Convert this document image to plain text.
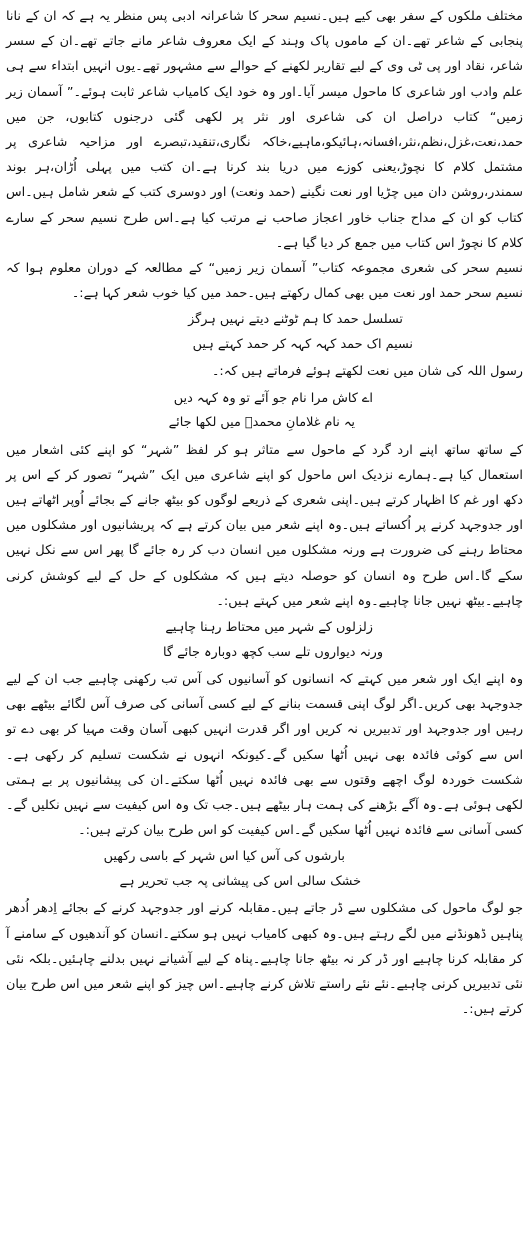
مختلف ملکوں کے سفر بھی کیے ہیں۔نسیم سحر کا شاعرانہ ادبی پس منظر یہ ہے کہ ان کے نانا پنجابی کے شاعر تھے۔ان کے ماموں پاک وہند کے ایک معروف شاعر مانے جاتے تھے۔ان کے سسر شاعر، نقاد اور پی ٹی وی کے لیے تقاریر لکھنے کے حوالے سے مشہور تھے۔یوں انہیں ابتداء سے ہی علم وادب اور شاعری کا ماحول میسر آیا۔اور وہ خود ایک کامیاب شاعر ثابت ہوئے۔” آسمان زیر زمیں“ کتاب دراصل ان کی شاعری اور نثر پر لکھی گئی درجنوں کتابوں، جن میں حمد،نعت،غزل،نظم،نثر،افسانہ،ہائیکو،ماہیے،خاکہ نگاری،تنقید،تبصرے اور مزاحیہ شاعری پر مشتمل کلام کا نچوڑ،یعنی کوزے میں دریا بند کرنا ہے۔ان کتب میں پہلی اُڑان،ہر بوند سمندر،روشن دان میں چڑیا اور نعت نگینے (حمد ونعت) اور دوسری کتب کے شعر شامل ہیں۔اس کتاب کو ان کے مداح جناب خاور اعجاز صاحب نے مرتب کیا ہے۔اس طرح نسیم سحر کے سارے کلام کا نچوڑ اس کتاب میں جمع کر دیا گیا ہے۔

نسیم سحر کی شعری مجموعہ کتاب” آسمان زیر زمیں“ کے مطالعہ کے دوران معلوم ہوا کہ نسیم سحر حمد اور نعت میں بھی کمال رکھتے ہیں۔حمد میں کیا خوب شعر کہا ہے:۔

تسلسل حمد کا ہم ٹوٹنے دیتے نہیں ہرگز
نسیم اک حمد کہہ کہہ کر حمد کہتے ہیں

رسول اللہ کی شان میں نعت لکھتے ہوئے فرماتے ہیں کہ:۔

اے کاش مرا نام جو آئے تو وہ کہہ دیں
یہ نام غلامانِ محمدؐ میں لکھا جائے

کے ساتھ ساتھ اپنے ارد گرد کے ماحول سے متاثر ہو کر لفظ ”شہر“ کو اپنے کئی اشعار میں استعمال کیا ہے۔ہمارے نزدیک اس ماحول کو اپنے شاعری میں ایک ”شہر“ تصور کر کے اس پر دکھ اور غم کا اظہار کرتے ہیں۔اپنی شعری کے ذریعے لوگوں کو بیٹھ جانے کے بجائے اُوپر اٹھاتے ہیں اور جدوجہد کرنے پر اُکساتے ہیں۔وہ اپنے شعر میں بیان کرتے ہے کہ پریشانیوں اور مشکلوں میں محتاط رہنے کی ضرورت ہے ورنہ مشکلوں میں انسان دب کر رہ جائے گا پھر اس سے نکل نہیں سکے گا۔اس طرح وہ انسان کو حوصلہ دیتے ہیں کہ مشکلوں کے حل کے لیے کوشش کرنی چاہیے۔بیٹھ نہیں جانا چاہیے۔وہ اپنے شعر میں کہتے ہیں:۔

زلزلوں کے شہر میں محتاط رہنا چاہیے
ورنہ دیواروں تلے سب کچھ دوبارہ جائے گا

وہ اپنے ایک اور شعر میں کہتے کہ انسانوں کو آسانیوں کی آس تب رکھنی چاہیے جب ان کے لیے جدوجہد بھی کریں۔اگر لوگ اپنی قسمت بنانے کے لیے کسی آسانی کی صرف آس لگائے بیٹھے بھی رہیں اور جدوجہد اور تدبیریں نہ کریں اور اگر قدرت انہیں کبھی آسان وقت مہیا کر بھی دے تو اس سے کوئی فائدہ بھی نہیں اُٹھا سکیں گے۔کیونکہ انہوں نے شکست تسلیم کر رکھی ہے۔شکست خوردہ لوگ اچھے وقتوں سے بھی فائدہ نہیں اُٹھا سکتے۔ان کی پیشانیوں پر بے ہمتی لکھی ہوئی ہے۔وہ آگے بڑھنے کی ہمت ہار بیٹھے ہیں۔جب تک وہ اس کیفیت سے نہیں نکلیں گے۔کسی آسانی سے فائدہ نہیں اُٹھا سکیں گے۔اس کیفیت کو اس طرح بیان کرتے ہیں:۔

بارشوں کی آس کیا اس شہر کے باسی رکھیں
خشک سالی اس کی پیشانی پہ جب تحریر ہے

جو لوگ ماحول کی مشکلوں سے ڈر جاتے ہیں۔مقابلہ کرنے اور جدوجہد کرنے کے بجائے اِدھر اُدھر پناہیں ڈھونڈنے میں لگے رہتے ہیں۔وہ کبھی کامیاب نہیں ہو سکتے۔انسان کو آندھیوں کے سامنے آ کر مقابلہ کرنا چاہیے اور ڈر کر نہ بیٹھ جانا چاہیے۔پناہ کے لیے آشیانے نہیں بدلنے چاہئیں۔بلکہ نئی نئی تدبیریں کرنی چاہیے۔نئے نئے راستے تلاش کرنے چاہیے۔اس چیز کو اپنے شعر میں اس طرح بیان کرتے ہیں:۔
